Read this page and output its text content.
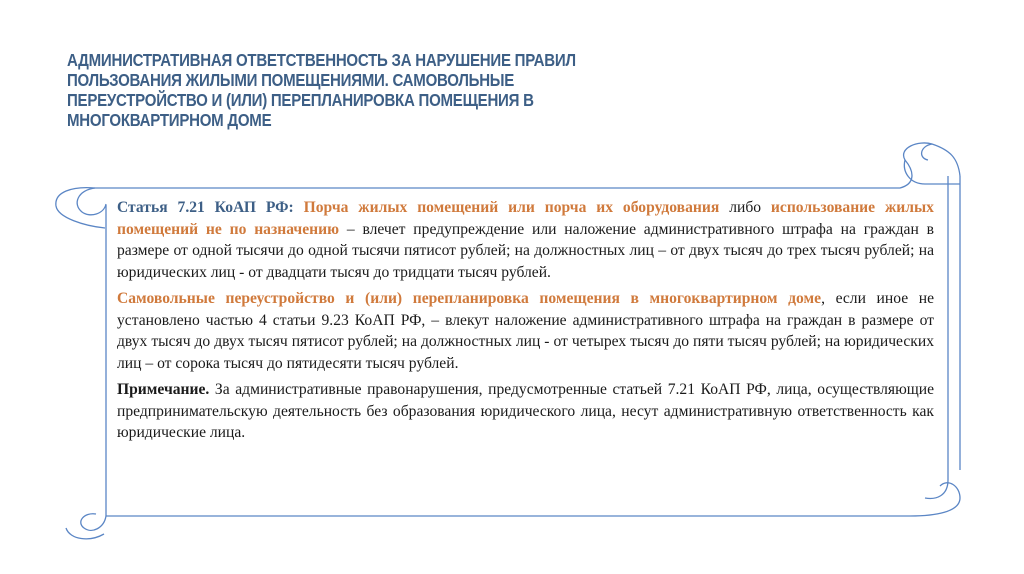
АДМИНИСТРАТИВНАЯ ОТВЕТСТВЕННОСТЬ ЗА НАРУШЕНИЕ ПРАВИЛ
ПОЛЬЗОВАНИЯ ЖИЛЫМИ ПОМЕЩЕНИЯМИ. САМОВОЛЬНЫЕ
ПЕРЕУСТРОЙСТВО И (ИЛИ) ПЕРЕПЛАНИРОВКА ПОМЕЩЕНИЯ В
МНОГОКВАРТИРНОМ ДОМЕ

Статья 7.21 КоАП РФ: Порча жилых помещений или порча их оборудования либо использование жилых помещений не по назначению – влечет предупреждение или наложение административного штрафа на граждан в размере от одной тысячи до одной тысячи пятисот рублей; на должностных лиц – от двух тысяч до трех тысяч рублей; на юридических лиц - от двадцати тысяч до тридцати тысяч рублей.

Самовольные переустройство и (или) перепланировка помещения в многоквартирном доме, если иное не установлено частью 4 статьи 9.23 КоАП РФ, – влекут наложение административного штрафа на граждан в размере от двух тысяч до двух тысяч пятисот рублей; на должностных лиц - от четырех тысяч до пяти тысяч рублей; на юридических лиц – от сорока тысяч до пятидесяти тысяч рублей.

Примечание. За административные правонарушения, предусмотренные статьей 7.21 КоАП РФ, лица, осуществляющие предпринимательскую деятельность без образования юридического лица, несут административную ответственность как юридические лица.
